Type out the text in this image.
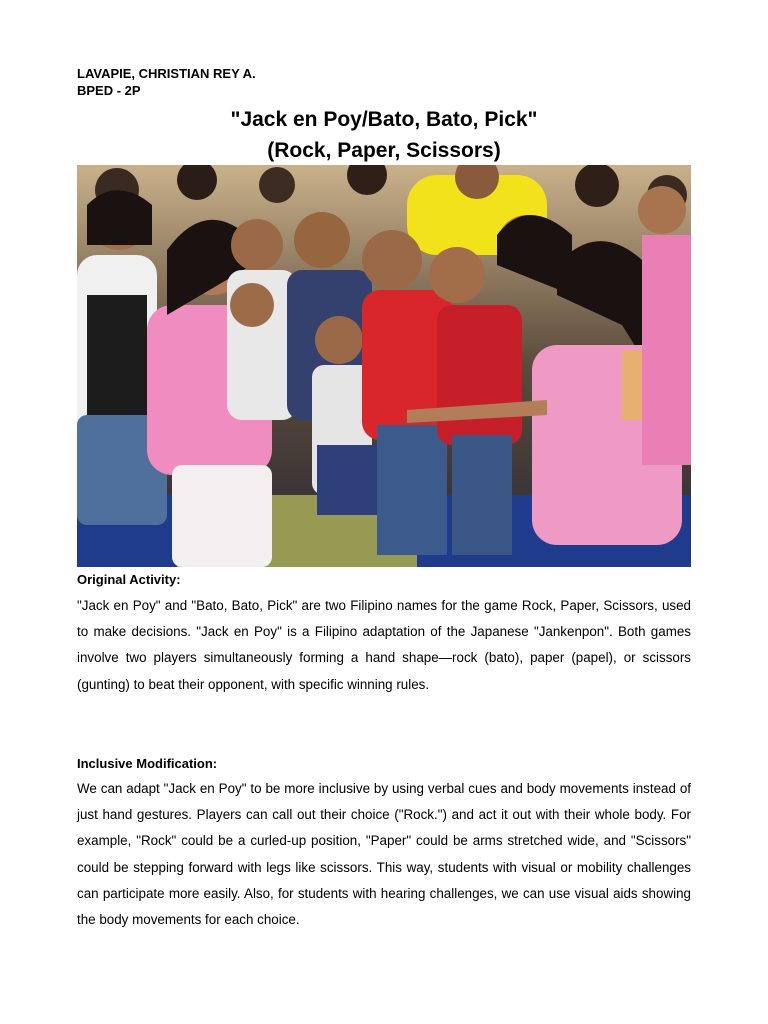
LAVAPIE, CHRISTIAN REY A.
BPED - 2P
"Jack en Poy/Bato, Bato, Pick"
(Rock, Paper, Scissors)
Original Activity:
"Jack en Poy" and "Bato, Bato, Pick" are two Filipino names for the game Rock, Paper, Scissors, used to make decisions. "Jack en Poy" is a Filipino adaptation of the Japanese "Jankenpon". Both games involve two players simultaneously forming a hand shape—rock (bato), paper (papel), or scissors (gunting) to beat their opponent, with specific winning rules.
Inclusive Modification:
We can adapt "Jack en Poy" to be more inclusive by using verbal cues and body movements instead of just hand gestures. Players can call out their choice ("Rock.") and act it out with their whole body. For example, "Rock" could be a curled-up position, "Paper" could be arms stretched wide, and "Scissors" could be stepping forward with legs like scissors. This way, students with visual or mobility challenges can participate more easily. Also, for students with hearing challenges, we can use visual aids showing the body movements for each choice.
